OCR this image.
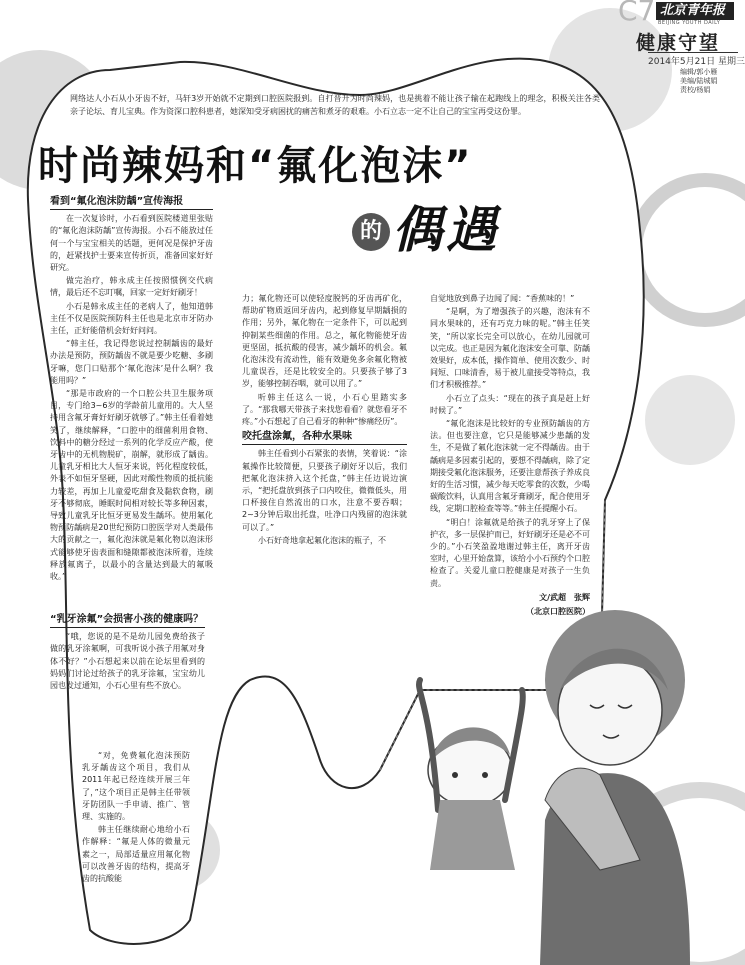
C7 北京青年报
BEIJING YOUTH DAILY
健康守望
2014年5月21日 星期三
编辑/郭小雁
美编/陆城娟
责校/杨娟
网络达人小石从小牙齿不好，马轩3岁开始就不定期到口腔医院报到。自打晋升为时尚辣妈，也是挑着不能让孩子输在起跑线上的理念，积极关注各类亲子论坛、育儿宝典。作为资深口腔科患者，她深知受牙病困扰的痛苦和煮牙的艰难。小石立志一定不让自己的宝宝再受这份罪。
时尚辣妈和“氟化泡沫”
的 偶遇
看到“氟化泡沫防龋”宣传海报

在一次复诊时，小石看到医院楼道里张贴的“氟化泡沫防龋”宣传海报。小石不能放过任何一个与宝宝相关的话题，更何况是保护牙齿的，赶紧找护士要来宣传折页，准备回家好好研究。

做完治疗，韩永成主任按照惯例交代病情，最后还不忘叮嘱，回家一定好好刷牙！

小石是韩永成主任的老病人了，他知道韩主任不仅是医院预防科主任也是北京市牙防办主任，正好能借机会好好问问。

“韩主任，我记得您说过控制龋齿的最好办法是预防，预防龋齿不就是要少吃糖、多刷牙嘛，您门口贴那个‘氟化泡沫’是什么啊？我能用吗？”

“那是市政府的一个口腔公共卫生服务项目，专门给3~6岁的学龄前儿童用的。大人坚持用含氟牙膏好好刷牙就够了。”韩主任看着她笑了，继续解释，“口腔中的细菌利用食物、饮料中的糖分经过一系列的化学反应产酸，使牙齿中的无机物脱矿，崩解，就形成了龋齿。儿童乳牙相比大人恒牙来说，钙化程度较低，外表不如恒牙坚硬，因此对酸性物质的抵抗能力较差，再加上儿童爱吃甜食及黏软食物，刷牙不够彻底，睡眠时间相对较长等多种因素，导致儿童乳牙比恒牙更易发生龋坏。使用氟化物预防龋病是20世纪预防口腔医学对人类最伟大的贡献之一，氟化泡沫就是氟化物以泡沫形式能够使牙齿表面和缝隙都被泡沫所着，连续释放氟离子，以最小的含量达到最大的氟吸收。”

“乳牙涂氟”会损害小孩的健康吗？

“哦，您说的是不是幼儿园免费给孩子做的乳牙涂氟啊，可我听说小孩子用氟对身体不好？”小石想起来以前在论坛里看到的妈妈们讨论过给孩子的乳牙涂氟，宝宝幼儿园也发过通知，小石心里有些不放心。

“对，免费氟化泡沫预防乳牙龋齿这个项目，我们从2011年起已经连续开展三年了，”这个项目正是韩主任带领牙防团队一手申请、推广、管理、实施的。

韩主任继续耐心地给小石作解释：“氟是人体的微量元素之一，局部适量应用氟化物可以改善牙齿的结构，提高牙齿的抗酸能

力；氟化物还可以使轻度脱钙的牙齿再矿化，帮助矿物质返回牙齿内，起到修复早期龋损的作用；另外，氟化物在一定条件下，可以起到抑制某些细菌的作用。总之，氟化物能使牙齿更坚固，抵抗酸的侵害，减少龋坏的机会。氟化泡沫没有流动性，能有效避免多余氟化物被儿童误吞，还是比较安全的。只要孩子够了3岁，能够控制吞咽，就可以用了。”

听韩主任这么一说，小石心里踏实多了。“那我哪天带孩子来找您看看？就您看牙不疼。”小石想起了自己看牙的种种“惨痛经历”。

咬托盘涂氟，各种水果味

韩主任看到小石紧张的表情，笑着说：“涂氟操作比较简便，只要孩子刷好牙以后，我们把氟化泡沫挤入这个托盘，”韩主任边说边演示，“把托盘放到孩子口内咬住，微微低头，用口杯接住自然流出的口水，注意不要吞咽；2~3分钟后取出托盘，吐净口内残留的泡沫就可以了。”

小石好奇地拿起氟化泡沫的瓶子，不

自觉地放到鼻子边闻了闻：“香蕉味的！”

“是啊，为了增强孩子的兴趣，泡沫有不同水果味的，还有巧克力味的呢。”韩主任笑笑，“所以家长完全可以放心，在幼儿园就可以完成。也正是因为氟化泡沫安全可靠、防龋效果好，成本低，操作简单、使用次数少、时间短、口味清香，易于被儿童接受等特点，我们才积极推荐。”

小石立了点头：“现在的孩子真是赶上好时候了。”

“氟化泡沫是比较好的专业预防龋齿的方法。但也要注意，它只是能够减少患龋的发生，不是做了氟化泡沫就一定不得龋齿。由于龋病是多因素引起的，要想不得龋病，除了定期接受氟化泡沫服务，还要注意帮孩子养成良好的生活习惯，减少每天吃零食的次数，少喝碳酸饮料，认真用含氟牙膏刷牙，配合使用牙线，定期口腔检查等等。”韩主任提醒小石。

“明白！涂氟就是给孩子的乳牙穿上了保护衣，多一层保护而已，好好刷牙还是必不可少的。”小石笑盈盈地谢过韩主任，离开牙齿室时，心里开始盘算，该给小小石预约个口腔检查了。关爱儿童口腔健康是对孩子一生负责。

文/武超　张辉
（北京口腔医院）
